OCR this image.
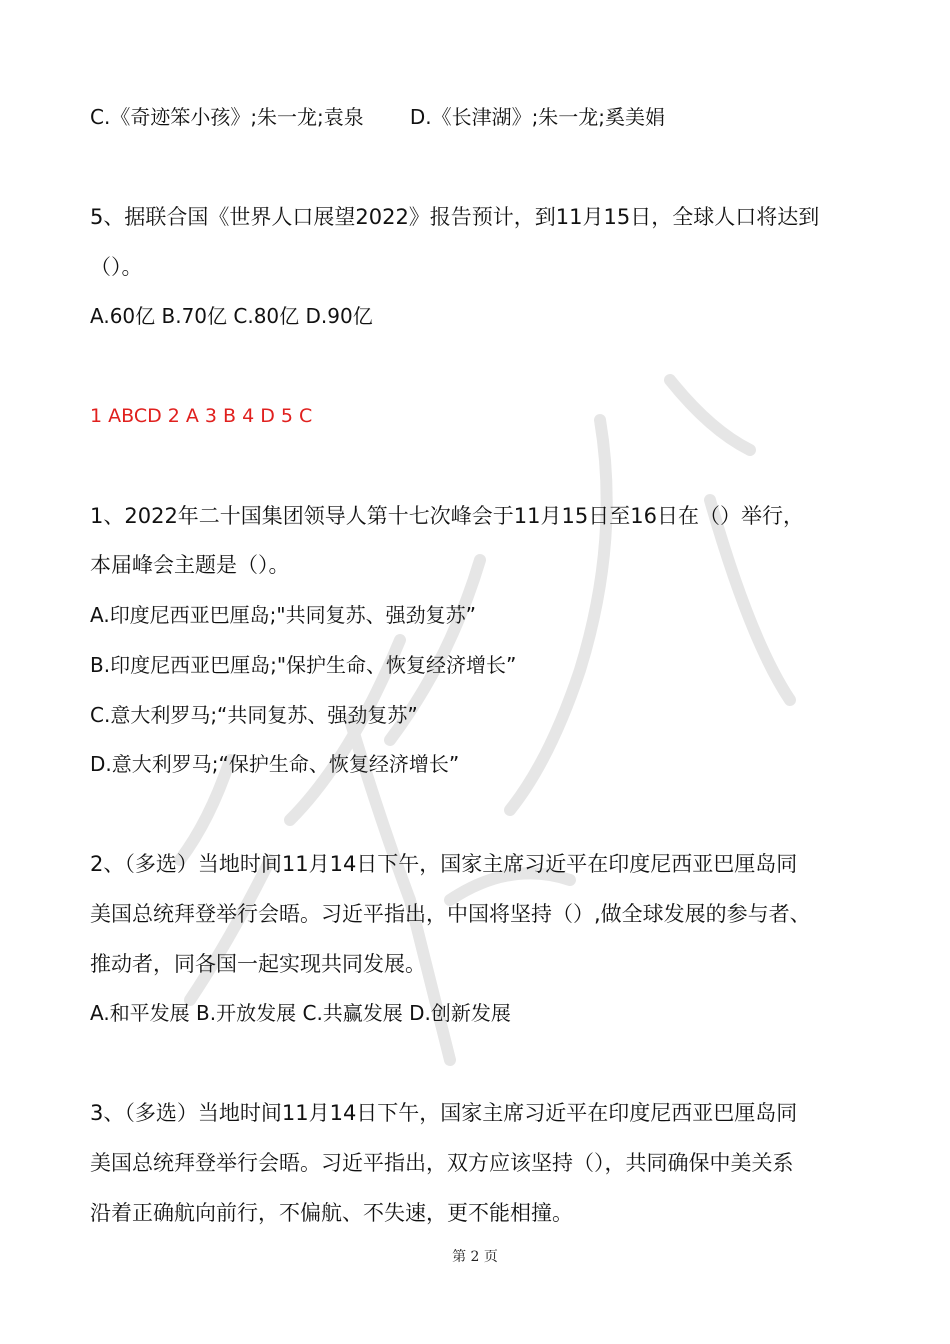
C.《奇迹笨小孩》;朱一龙;袁泉 D.《长津湖》;朱一龙;奚美娟

5、据联合国《世界人口展望2022》报告预计，到11月15日，全球人口将达到

（）。

A.60亿 B.70亿 C.80亿 D.90亿

1 ABCD 2 A 3 B 4 D 5 C

1、2022年二十国集团领导人第十七次峰会于11月15日至16日在（）举行，

本届峰会主题是（）。

A.印度尼西亚巴厘岛;"共同复苏、强劲复苏”

B.印度尼西亚巴厘岛;"保护生命、恢复经济增长”

C.意大利罗马;“共同复苏、强劲复苏”

D.意大利罗马;“保护生命、恢复经济增长”

2、（多选）当地时间11月14日下午，国家主席习近平在印度尼西亚巴厘岛同

美国总统拜登举行会晤。习近平指出，中国将坚持（）,做全球发展的参与者、

推动者，同各国一起实现共同发展。

A.和平发展 B.开放发展 C.共赢发展 D.创新发展

3、（多选）当地时间11月14日下午，国家主席习近平在印度尼西亚巴厘岛同

美国总统拜登举行会晤。习近平指出，双方应该坚持（），共同确保中美关系

沿着正确航向前行，不偏航、不失速，更不能相撞。

第 2 页
